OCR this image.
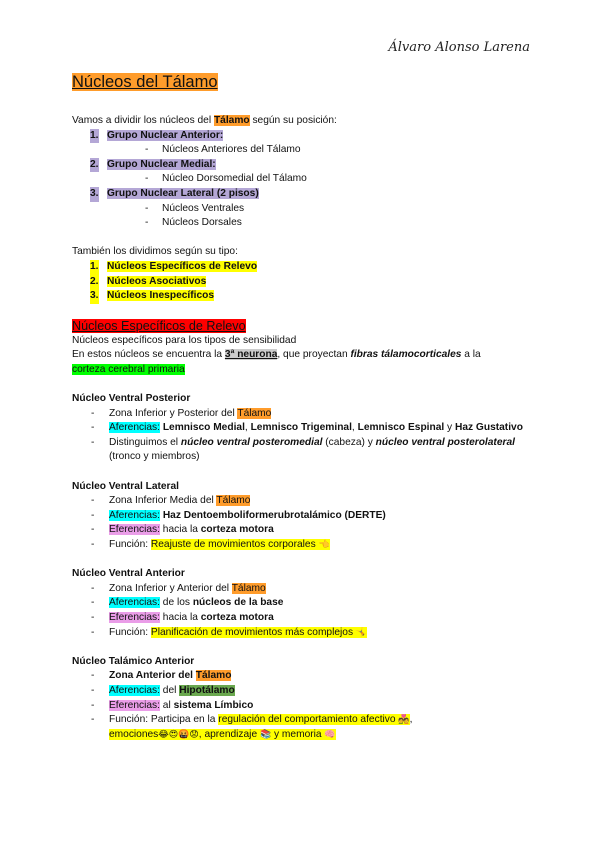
Álvaro Alonso Larena
Núcleos del Tálamo

Vamos a dividir los núcleos del Tálamo según su posición:

1. Grupo Nuclear Anterior:
- Núcleos Anteriores del Tálamo
2. Grupo Nuclear Medial:
- Núcleo Dorsomedial del Tálamo
3. Grupo Nuclear Lateral (2 pisos)
- Núcleos Ventrales
- Núcleos Dorsales

También los dividimos según su tipo:

1. Núcleos Específicos de Relevo
2. Núcleos Asociativos
3. Núcleos Inespecíficos
Núcleos Específicos de Relevo

Núcleos específicos para los tipos de sensibilidad

En estos núcleos se encuentra la 3ª neurona, que proyectan fibras tálamocorticales a la

corteza cerebral primaria

Núcleo Ventral Posterior
- Zona Inferior y Posterior del Tálamo
- Aferencias: Lemnisco Medial, Lemnisco Trigeminal, Lemnisco Espinal y Haz Gustativo
- Distinguimos el núcleo ventral posteromedial (cabeza) y núcleo ventral posterolateral (tronco y miembros)
Núcleo Ventral Lateral
- Zona Inferior Media del Tálamo
- Aferencias: Haz Dentoemboliformerubrotalámico (DERTE)
- Eferencias: hacia la corteza motora
- Función: Reajuste de movimientos corporales 👈
Núcleo Ventral Anterior
- Zona Inferior y Anterior del Tálamo
- Aferencias: de los núcleos de la base
- Eferencias: hacia la corteza motora
- Función: Planificación de movimientos más complejos 🤸
Núcleo Talámico Anterior
- Zona Anterior del Tálamo
- Aferencias: del Hipotálamo
- Eferencias: al sistema Límbico
- Función: Participa en la regulación del comportamiento afectivo 💑,
emociones😂😍🤬😟, aprendizaje 📚 y memoria 🧠
